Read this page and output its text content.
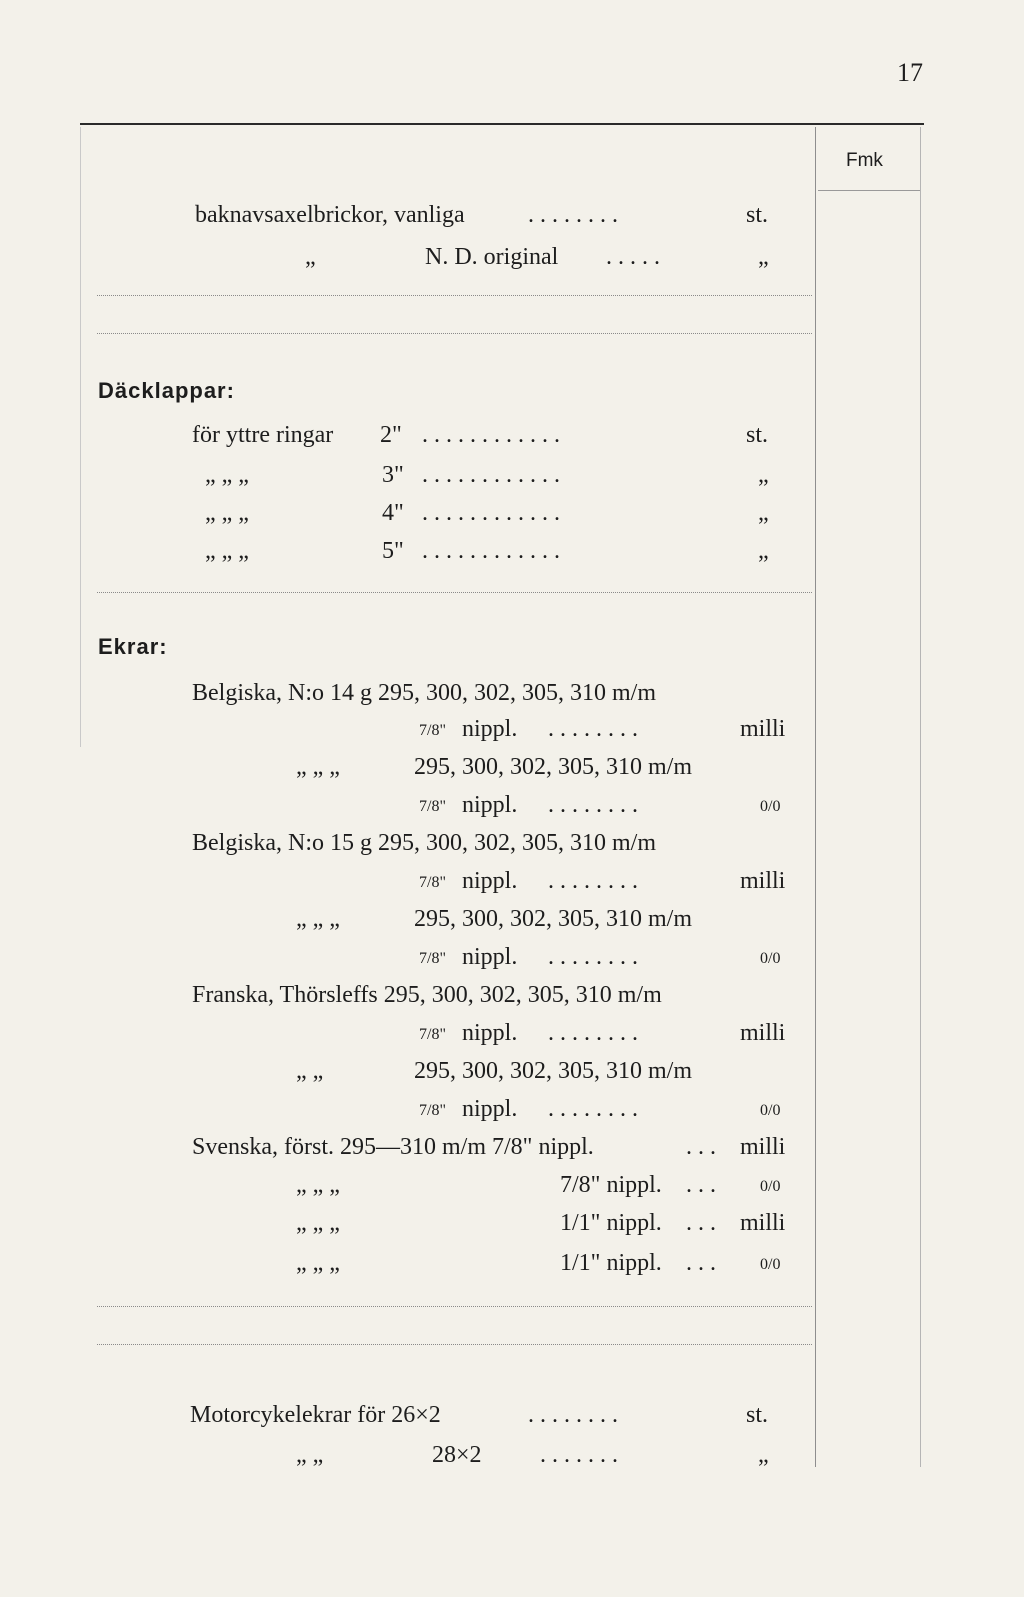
17
Fmk
baknavsaxelbrickor, vanliga	........	st.
„	N. D. original .....	„
Däcklappar:
för yttre ringar 2" ............	st.
„ „ „	3" ............	„
„ „ „	4" ............	„
„ „ „	5" ............	„
Ekrar:
Belgiska, N:o 14 g 295, 300, 302, 305, 310 m/m
7/8" nippl. ........	milli
„ „ „	295, 300, 302, 305, 310 m/m
7/8" nippl. ........	0/0
Belgiska, N:o 15 g 295, 300, 302, 305, 310 m/m
7/8" nippl. ........	milli
„ „ „	295, 300, 302, 305, 310 m/m
7/8" nippl. ........	0/0
Franska, Thörsleffs 295, 300, 302, 305, 310 m/m
7/8" nippl. ........	milli
„ „	295, 300, 302, 305, 310 m/m
7/8" nippl. ........	0/0
Svenska, först. 295—310 m/m 7/8" nippl.	... milli
„ „ „	7/8" nippl. ... 0/0
„ „ „	1/1" nippl. ... milli
„ „ „	1/1" nippl. ... 0/0
Motorcykelekrar för 26×2	........	st.
„ „	28×2 .......	„
